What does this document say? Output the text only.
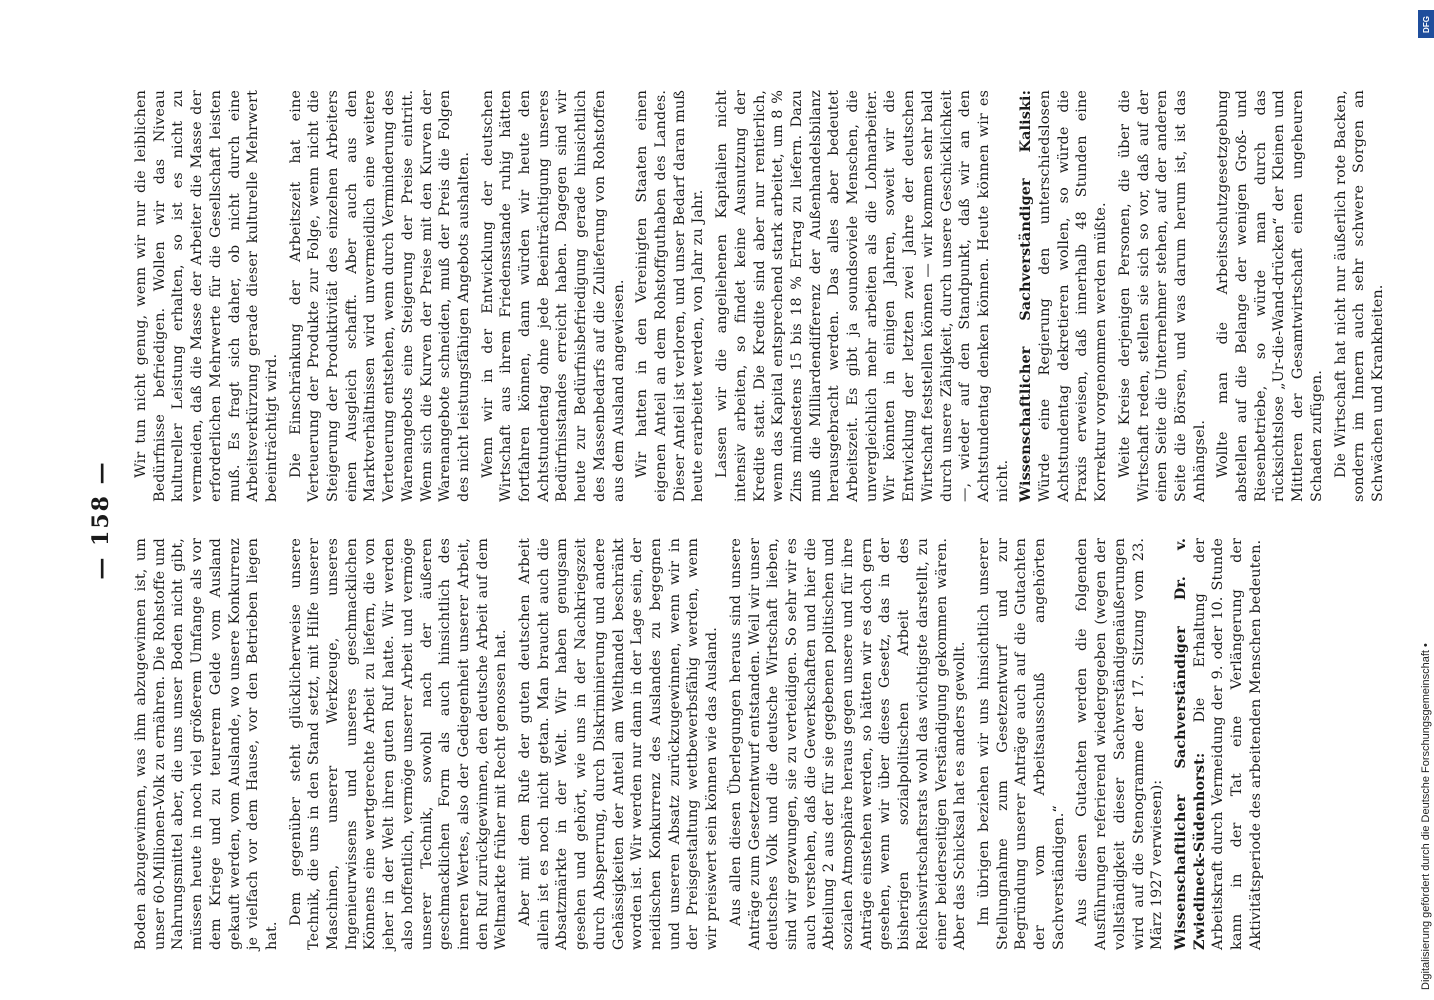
DFG
Digitalisierung gefördert durch die Deutsche Forschungsgemeinschaft •
— 158 —

Boden abzugewinnen, was ihm abzugewinnen ist, um unser 60-Millionen-Volk zu ernähren. Die Rohstoffe und Nahrungsmittel aber, die uns unser Boden nicht gibt, müssen heute in noch viel größerem Umfange als vor dem Kriege und zu teurerem Gelde vom Ausland gekauft werden, vom Auslande, wo unsere Konkurrenz je vielfach vor dem Hause, vor den Betrieben liegen hat.

Dem gegenüber steht glücklicherweise unsere Technik, die uns in den Stand setzt, mit Hilfe unserer Maschinen, unserer Werkzeuge, unseres Ingenieurwissens und unseres geschmacklichen Könnens eine wertgerechte Arbeit zu liefern, die von jeher in der Welt ihren guten Ruf hatte. Wir werden also hoffentlich, vermöge unserer Arbeit und vermöge unserer Technik, sowohl nach der äußeren geschmacklichen Form als auch hinsichtlich des inneren Wertes, also der Gediegenheit unserer Arbeit, den Ruf zurückgewinnen, den deutsche Arbeit auf dem Weltmarkte früher mit Recht genossen hat. Aber mit dem Rufe der guten deutschen Arbeit allein ist es noch nicht getan. Man braucht auch die Absatzmärkte in der Welt. Wir haben genugsam gesehen und gehört, wie uns in der Nachkriegszeit durch Absperrung, durch Diskriminierung und andere Gehässigkeiten der Anteil am Welthandel beschränkt worden ist. Wir werden nur dann in der Lage sein, der neidischen Konkurrenz des Auslandes zu begegnen und unseren Absatz zurückzugewinnen, wenn wir in der Preisgestaltung wettbewerbsfähig werden, wenn wir preiswert sein können wie das Ausland. Aus allen diesen Überlegungen heraus sind unsere Anträge zum Gesetzentwurf entstanden. Weil wir unser deutsches Volk und die deutsche Wirtschaft lieben, sind wir gezwungen, sie zu verteidigen. So sehr wir es auch verstehen, daß die Gewerkschaften und hier die Abteilung 2 aus der für sie gegebenen politischen und sozialen Atmosphäre heraus gegen unsere und für ihre Anträge einstehen werden, so hätten wir es doch gern gesehen, wenn wir über dieses Gesetz, das in der bisherigen sozialpolitischen Arbeit des Reichswirtschaftsrats wohl das wichtigste darstellt, zu einer beiderseitigen Verständigung gekommen wären. Aber das Schicksal hat es anders gewollt. Im übrigen beziehen wir uns hinsichtlich unserer Stellungnahme zum Gesetzentwurf und zur Begründung unserer Anträge auch auf die Gutachten der vom Arbeitsausschuß angehörten Sachverständigen.“ Aus diesen Gutachten werden die folgenden Ausführungen referierend wiedergegeben (wegen der vollständigkeit dieser Sachverständigenäußerungen wird auf die Stenogramme der 17. Sitzung vom 23. März 1927 verwiesen): Wissenschaftlicher Sachverständiger Dr. v. Zwiedineck-Südenhorst: Die Erhaltung der Arbeitskraft durch Vermeidung der 9. oder 10. Stunde kann in der Tat eine Verlängerung der Aktivitätsperiode des arbeitenden Menschen bedeuten.

Wir tun nicht genug, wenn wir nur die leiblichen Bedürfnisse befriedigen. Wollen wir das Niveau kultureller Leistung erhalten, so ist es nicht zu vermeiden, daß die Masse der Arbeiter die Masse der erforderlichen Mehrwerte für die Gesellschaft leisten muß. Es fragt sich daher, ob nicht durch eine Arbeitsverkürzung gerade dieser kulturelle Mehrwert beeinträchtigt wird. Die Einschränkung der Arbeitszeit hat eine Verteuerung der Produkte zur Folge, wenn nicht die Steigerung der Produktivität des einzelnen Arbeiters einen Ausgleich schafft. Aber auch aus den Marktverhältnissen wird unvermeidlich eine weitere Verteuerung entstehen, wenn durch Verminderung des Warenangebots eine Steigerung der Preise eintritt. Wenn sich die Kurven der Preise mit den Kurven der Warenangebote schneiden, muß der Preis die Folgen des nicht leistungsfähigen Angebots aushalten. Wenn wir in der Entwicklung der deutschen Wirtschaft aus ihrem Friedensstande ruhig hätten fortfahren können, dann würden wir heute den Achtstundentag ohne jede Beeinträchtigung unseres Bedürfnisstandes erreicht haben. Dagegen sind wir heute zur Bedürfnisbefriedigung gerade hinsichtlich des Massenbedarfs auf die Zulieferung von Rohstoffen aus dem Ausland angewiesen. Wir hatten in den Vereinigten Staaten einen eigenen Anteil an dem Rohstoffguthaben des Landes. Dieser Anteil ist verloren, und unser Bedarf daran muß heute erarbeitet werden, von Jahr zu Jahr. Lassen wir die angeliehenen Kapitalien nicht intensiv arbeiten, so findet keine Ausnutzung der Kredite statt. Die Kredite sind aber nur rentierlich, wenn das Kapital entsprechend stark arbeitet, um 8 % Zins mindestens 15 bis 18 % Ertrag zu liefern. Dazu muß die Milliardendifferenz der Außenhandelsbilanz herausgebracht werden. Das alles aber bedeutet Arbeitszeit. Es gibt ja soundsoviele Menschen, die unvergleichlich mehr arbeiten als die Lohnarbeiter. Wir könnten in einigen Jahren, soweit wir die Entwicklung der letzten zwei Jahre der deutschen Wirtschaft feststellen können — wir kommen sehr bald durch unsere Zähigkeit, durch unsere Geschicklichkeit —, wieder auf den Standpunkt, daß wir an den Achtstundentag denken können. Heute können wir es nicht. Wissenschaftlicher Sachverständiger Kaliski: Würde eine Regierung den unterschiedslosen Achtstundentag dekretieren wollen, so würde die Praxis erweisen, daß innerhalb 48 Stunden eine Korrektur vorgenommen werden müßte. Weite Kreise derjenigen Personen, die über die Wirtschaft reden, stellen sie sich so vor, daß auf der einen Seite die Unternehmer stehen, auf der anderen Seite die Börsen, und was darum herum ist, ist das Anhängsel. Wollte man die Arbeitsschutzgesetzgebung abstellen auf die Belange der wenigen Groß- und Riesenbetriebe, so würde man durch das rücksichtslose „Ur-die-Wand-drücken“ der Kleinen und Mittleren der Gesamtwirtschaft einen ungeheuren Schaden zufügen. Die Wirtschaft hat nicht nur äußerlich rote Backen, sondern im Innern auch sehr schwere Sorgen an Schwächen und Krankheiten.
